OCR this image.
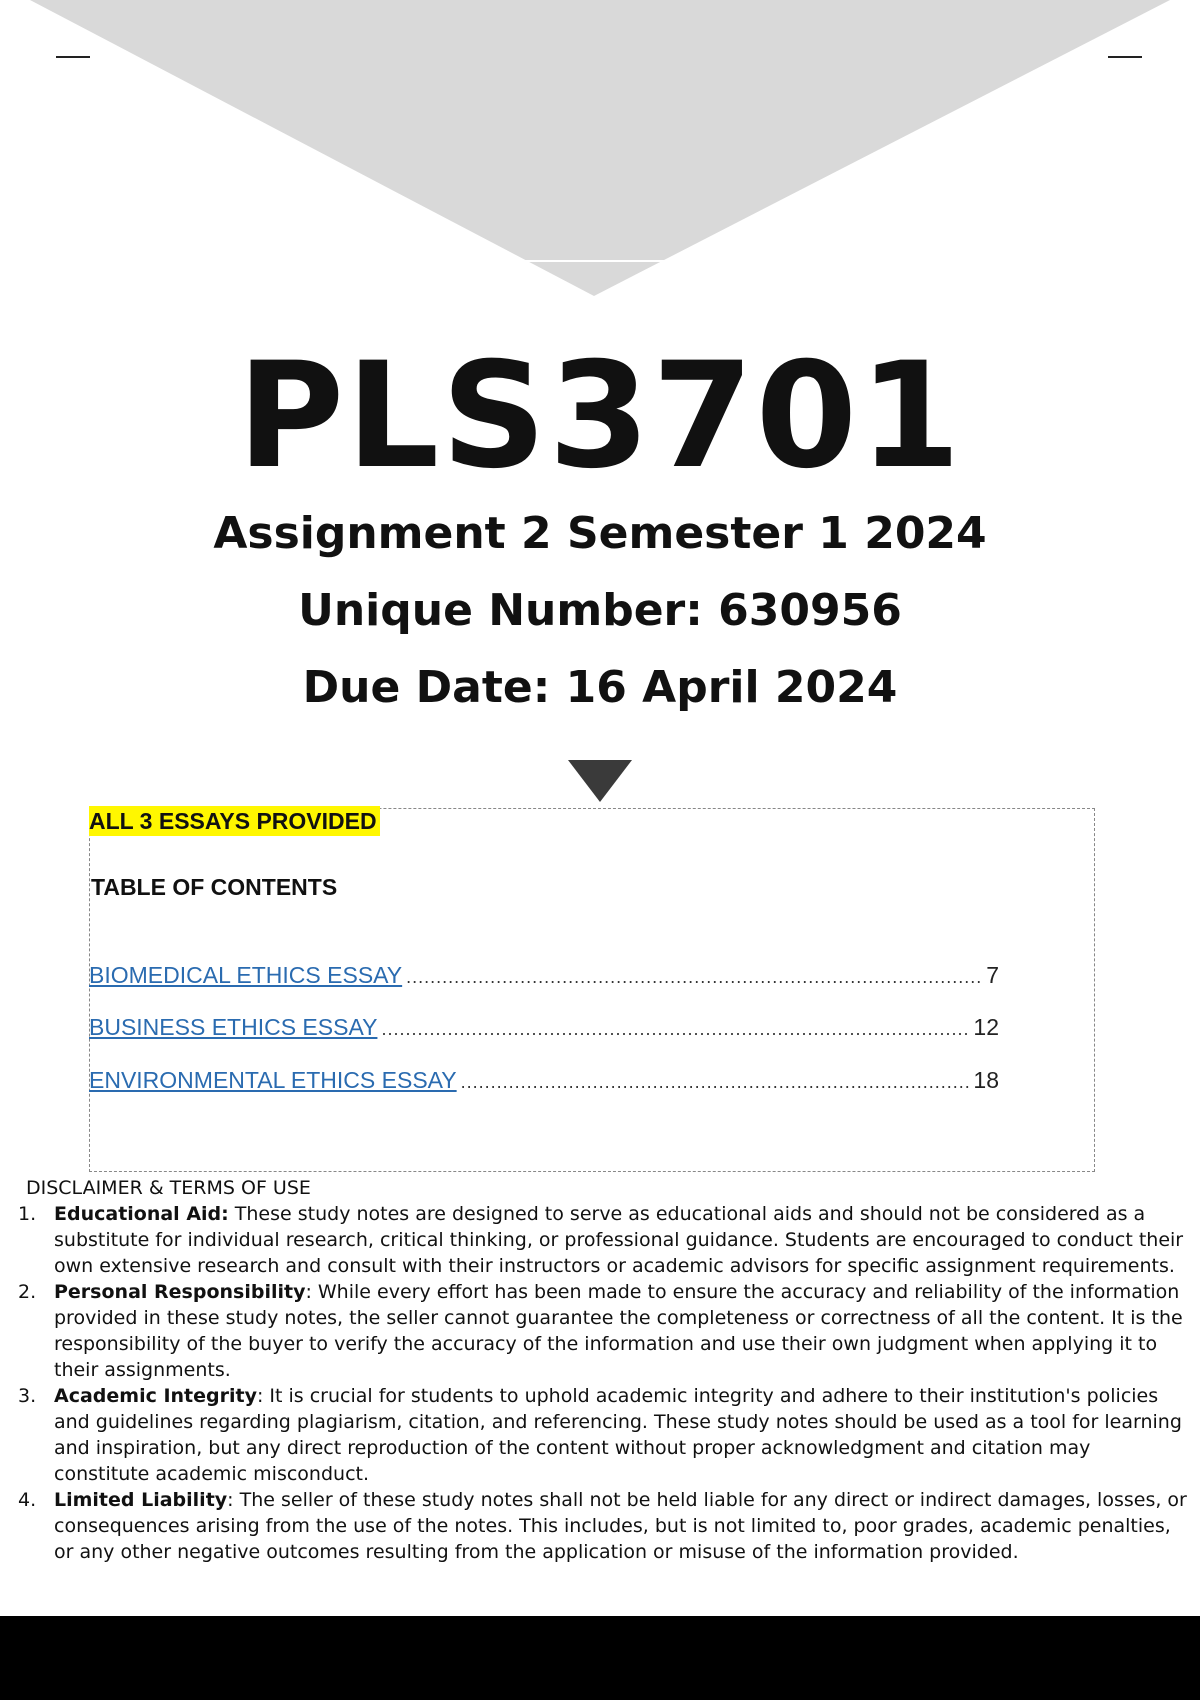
PLS3701
Assignment 2 Semester 1 2024
Unique Number: 630956
Due Date: 16 April 2024
ALL 3 ESSAYS PROVIDED
TABLE OF CONTENTS
BIOMEDICAL ETHICS ESSAY .....	7
BUSINESS ETHICS ESSAY .....	12
ENVIRONMENTAL ETHICS ESSAY .....	18
DISCLAIMER & TERMS OF USE
1. Educational Aid: These study notes are designed to serve as educational aids and should not be considered as a substitute for individual research, critical thinking, or professional guidance. Students are encouraged to conduct their own extensive research and consult with their instructors or academic advisors for specific assignment requirements.
2. Personal Responsibility: While every effort has been made to ensure the accuracy and reliability of the information provided in these study notes, the seller cannot guarantee the completeness or correctness of all the content. It is the responsibility of the buyer to verify the accuracy of the information and use their own judgment when applying it to their assignments.
3. Academic Integrity: It is crucial for students to uphold academic integrity and adhere to their institution's policies and guidelines regarding plagiarism, citation, and referencing. These study notes should be used as a tool for learning and inspiration, but any direct reproduction of the content without proper acknowledgment and citation may constitute academic misconduct.
4. Limited Liability: The seller of these study notes shall not be held liable for any direct or indirect damages, losses, or consequences arising from the use of the notes. This includes, but is not limited to, poor grades, academic penalties, or any other negative outcomes resulting from the application or misuse of the information provided.
